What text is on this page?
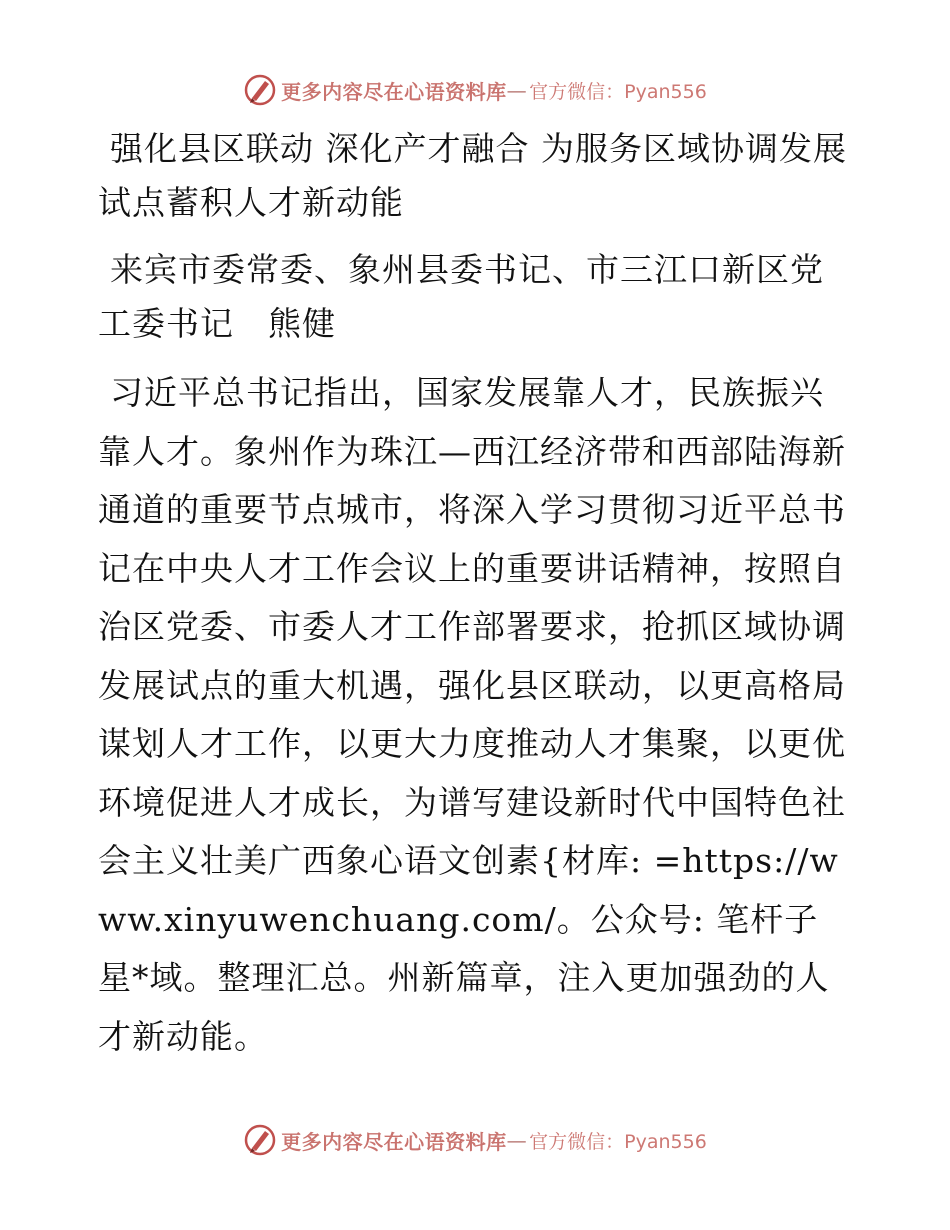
更多内容尽在心语资料库 — 官方微信：Pyan556

强化县区联动 深化产才融合 为服务区域协调发展试点蓄积人才新动能

来宾市委常委、象州县委书记、市三江口新区党工委书记　熊健

习近平总书记指出，国家发展靠人才，民族振兴靠人才。象州作为珠江—西江经济带和西部陆海新通道的重要节点城市，将深入学习贯彻习近平总书记在中央人才工作会议上的重要讲话精神，按照自治区党委、市委人才工作部署要求，抢抓区域协调发展试点的重大机遇，强化县区联动，以更高格局谋划人才工作，以更大力度推动人才集聚，以更优环境促进人才成长，为谱写建设新时代中国特色社会主义壮美广西象心语文创素{材库: =https://www.xinyuwenchuang.com/。公众号: 笔杆子星*域。整理汇总。州新篇章，注入更加强劲的人才新动能。

更多内容尽在心语资料库 — 官方微信：Pyan556
